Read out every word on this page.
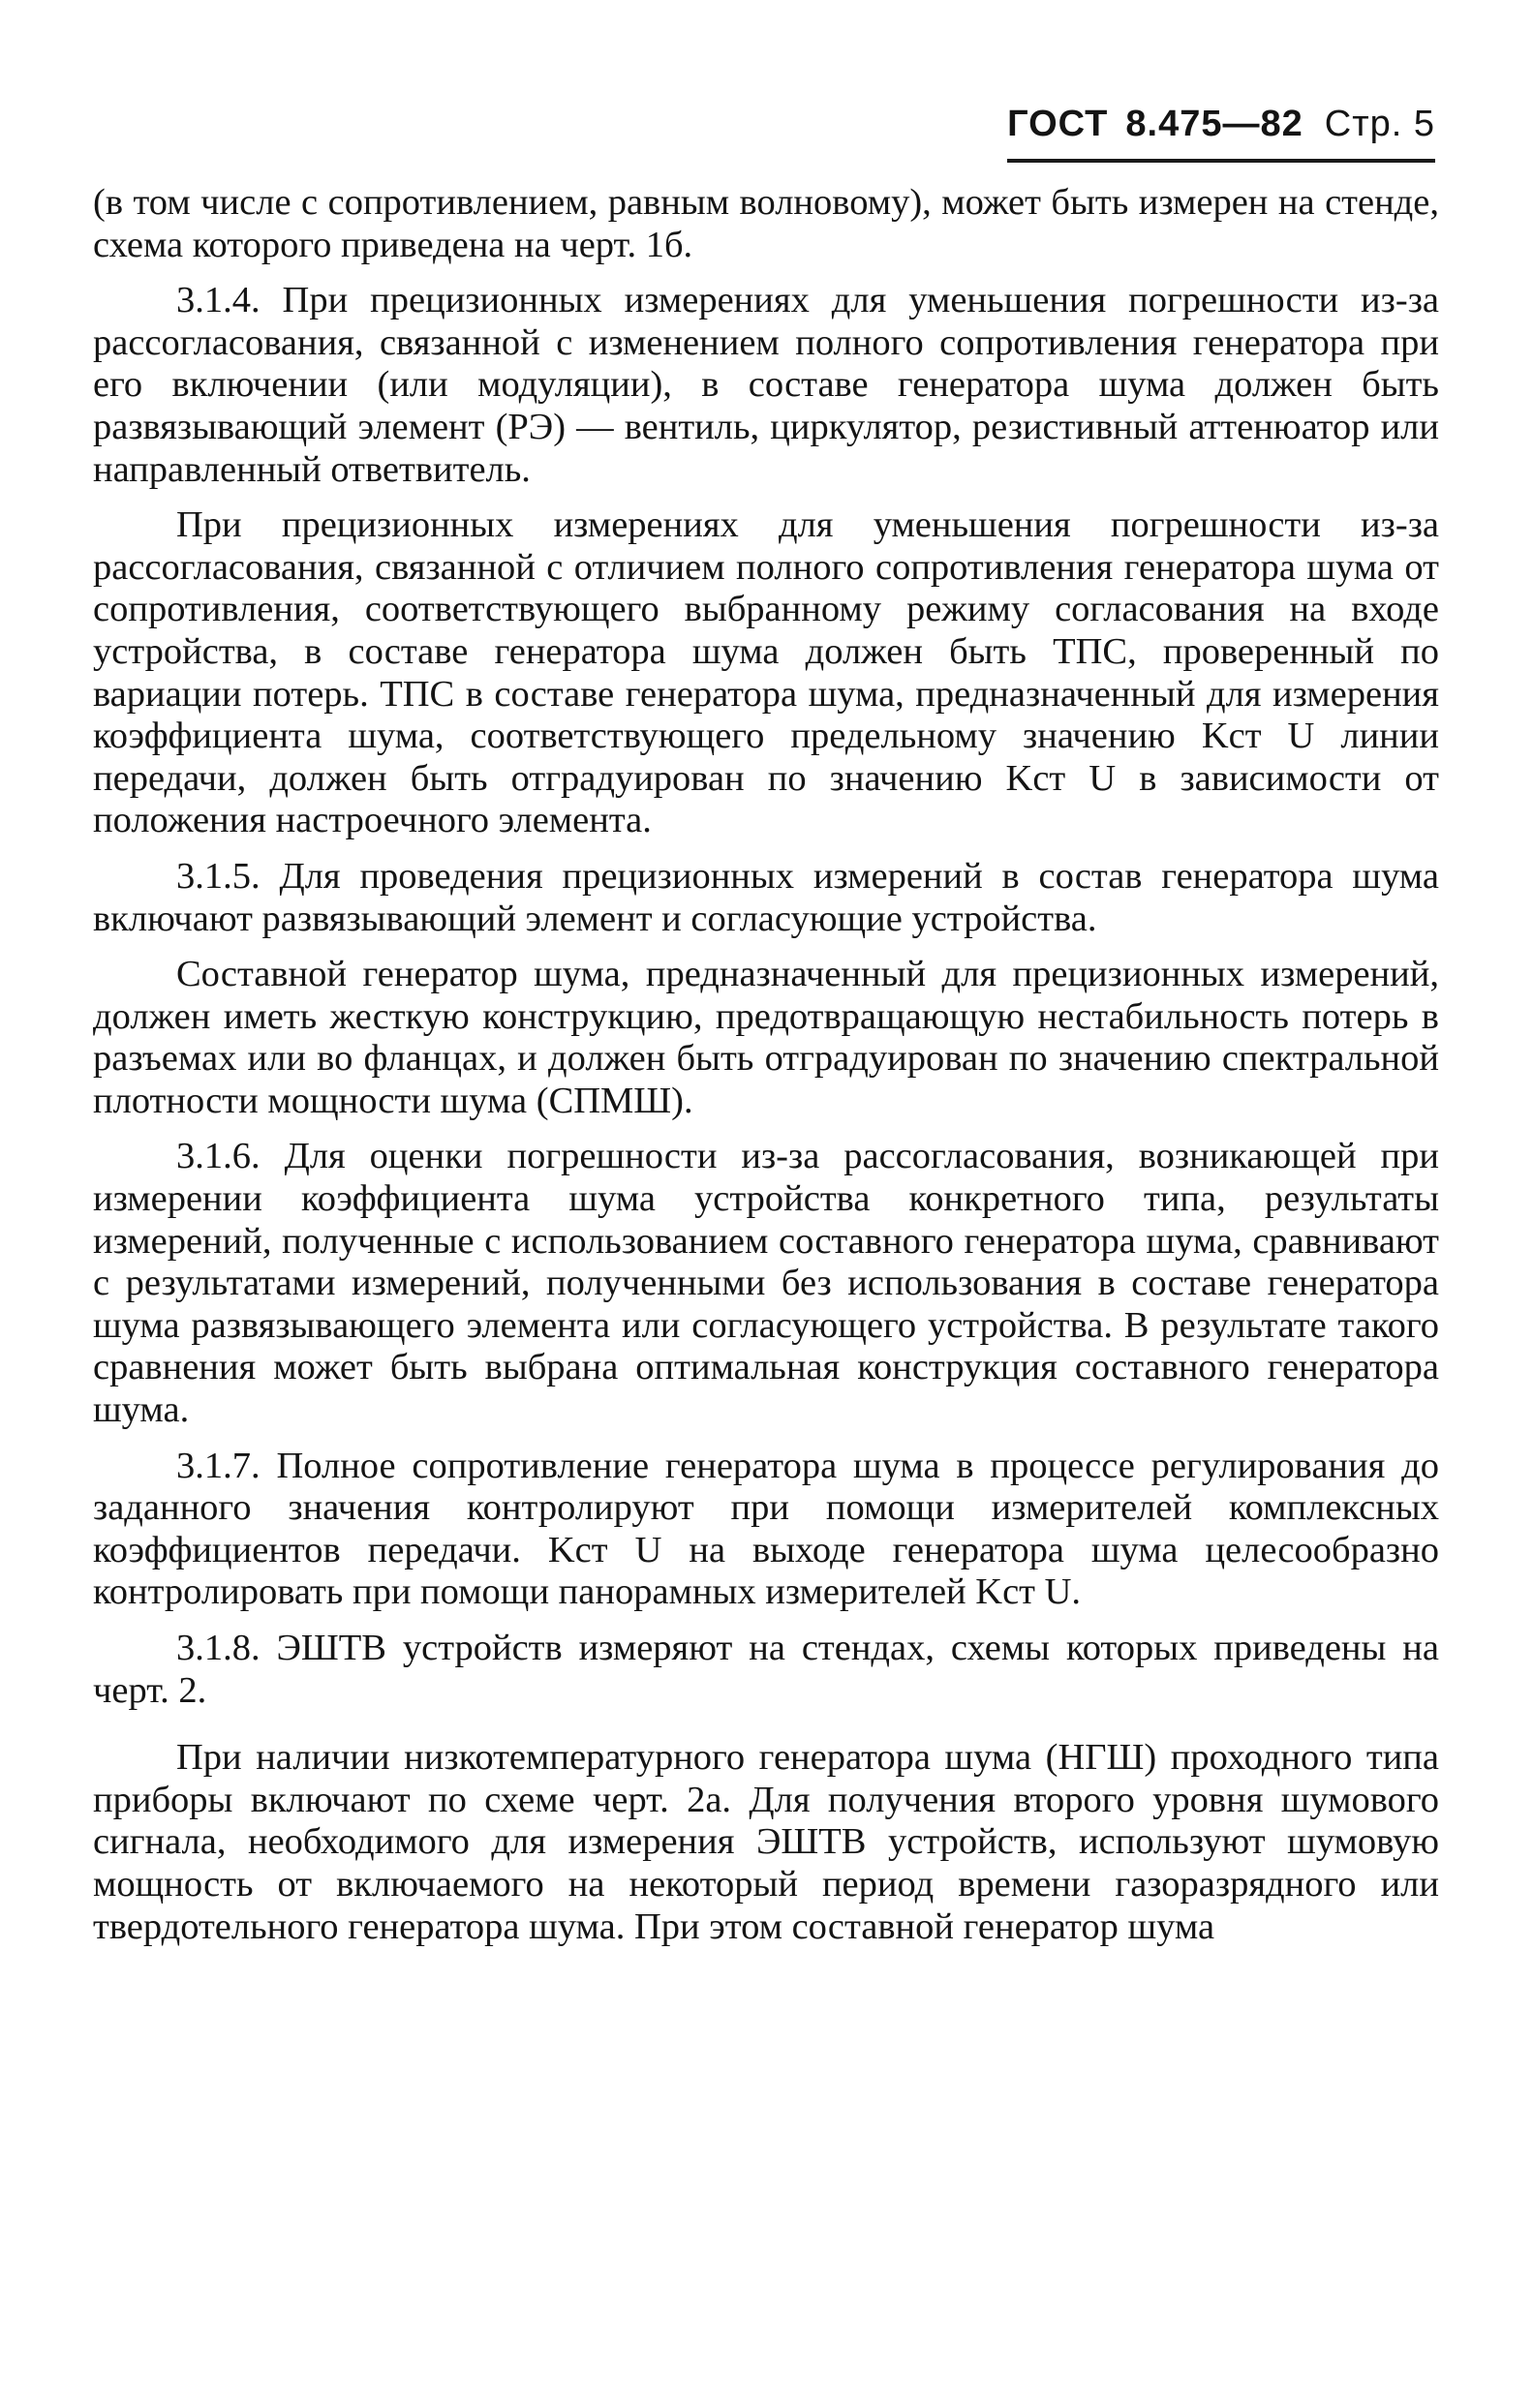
ГОСТ 8.475—82 Стр. 5

(в том числе с сопротивлением, равным волновому), может быть измерен на стенде, схема которого приведена на черт. 1б.

3.1.4. При прецизионных измерениях для уменьшения погрешности из-за рассогласования, связанной с изменением полного сопротивления генератора при его включении (или модуляции), в составе генератора шума должен быть развязывающий элемент (РЭ) — вентиль, циркулятор, резистивный аттенюатор или направленный ответвитель.

При прецизионных измерениях для уменьшения погрешности из-за рассогласования, связанной с отличием полного сопротивления генератора шума от сопротивления, соответствующего выбранному режиму согласования на входе устройства, в составе генератора шума должен быть ТПС, проверенный по вариации потерь. ТПС в составе генератора шума, предназначенный для измерения коэффициента шума, соответствующего предельному значению Kст U линии передачи, должен быть отградуирован по значению Kст U в зависимости от положения настроечного элемента.

3.1.5. Для проведения прецизионных измерений в состав генератора шума включают развязывающий элемент и согласующие устройства.

Составной генератор шума, предназначенный для прецизионных измерений, должен иметь жесткую конструкцию, предотвращающую нестабильность потерь в разъемах или во фланцах, и должен быть отградуирован по значению спектральной плотности мощности шума (СПМШ).

3.1.6. Для оценки погрешности из-за рассогласования, возникающей при измерении коэффициента шума устройства конкретного типа, результаты измерений, полученные с использованием составного генератора шума, сравнивают с результатами измерений, полученными без использования в составе генератора шума развязывающего элемента или согласующего устройства. В результате такого сравнения может быть выбрана оптимальная конструкция составного генератора шума.

3.1.7. Полное сопротивление генератора шума в процессе регулирования до заданного значения контролируют при помощи измерителей комплексных коэффициентов передачи. Kст U на выходе генератора шума целесообразно контролировать при помощи панорамных измерителей Kст U.

3.1.8. ЭШТВ устройств измеряют на стендах, схемы которых приведены на черт. 2.

При наличии низкотемпературного генератора шума (НГШ) проходного типа приборы включают по схеме черт. 2а. Для получения второго уровня шумового сигнала, необходимого для измерения ЭШТВ устройств, используют шумовую мощность от включаемого на некоторый период времени газоразрядного или твердотельного генератора шума. При этом составной генератор шума
